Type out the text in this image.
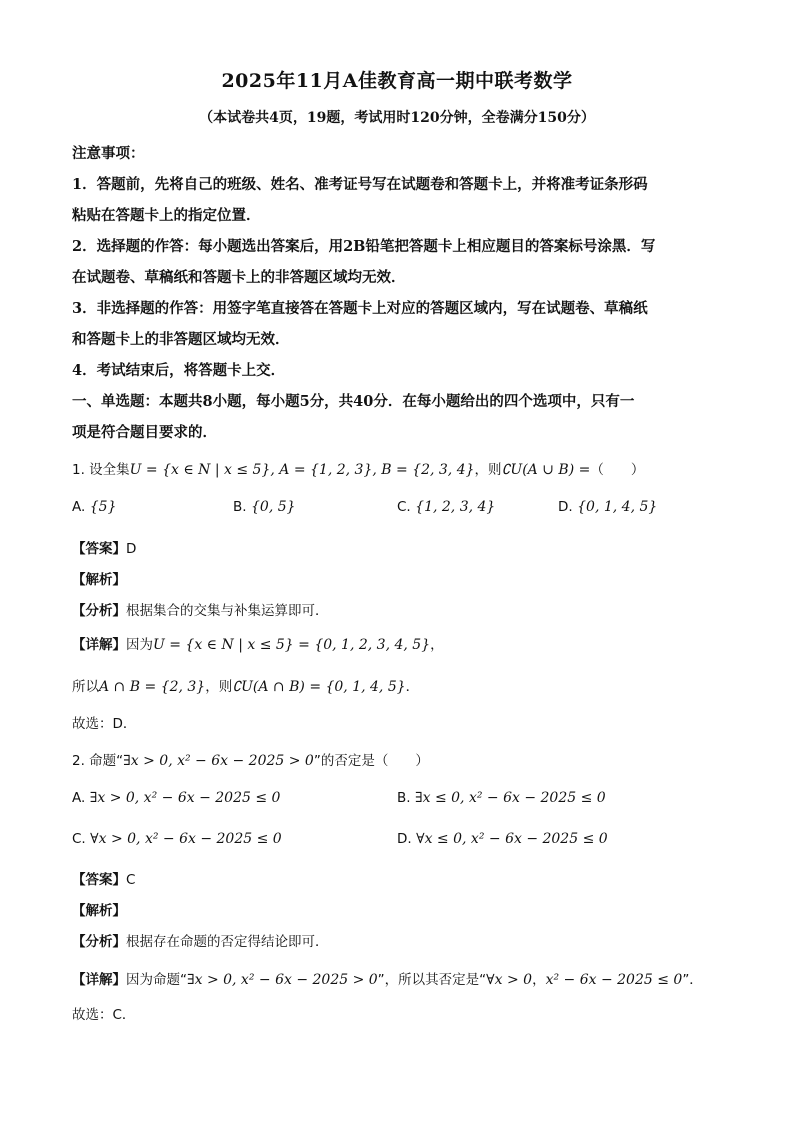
2025年11月A佳教育高一期中联考数学
（本试卷共4页，19题，考试用时120分钟，全卷满分150分）
注意事项：
1．答题前，先将自己的班级、姓名、准考证号写在试题卷和答题卡上，并将准考证条形码
粘贴在答题卡上的指定位置．
2．选择题的作答：每小题选出答案后，用2B铅笔把答题卡上相应题目的答案标号涂黑．写
在试题卷、草稿纸和答题卡上的非答题区域均无效．
3．非选择题的作答：用签字笔直接答在答题卡上对应的答题区域内，写在试题卷、草稿纸
和答题卡上的非答题区域均无效．
4．考试结束后，将答题卡上交．
一、单选题：本题共8小题，每小题5分，共40分．在每小题给出的四个选项中，只有一
项是符合题目要求的．
1. 设全集U = {x ∈ N | x ≤ 5}, A = {1, 2, 3}, B = {2, 3, 4}，则∁U(A ∪ B) =（　　）
A. {5}	B. {0, 5}	C. {1, 2, 3, 4}	D. {0, 1, 4, 5}
【答案】D
【解析】
【分析】根据集合的交集与补集运算即可．
【详解】因为U = {x ∈ N | x ≤ 5} = {0, 1, 2, 3, 4, 5}，
所以A ∩ B = {2, 3}，则∁U(A ∩ B) = {0, 1, 4, 5}．
故选：D．
2. 命题“∃x > 0, x² − 6x − 2025 > 0”的否定是（　　）
A. ∃x > 0, x² − 6x − 2025 ≤ 0	B. ∃x ≤ 0, x² − 6x − 2025 ≤ 0
C. ∀x > 0, x² − 6x − 2025 ≤ 0	D. ∀x ≤ 0, x² − 6x − 2025 ≤ 0
【答案】C
【解析】
【分析】根据存在命题的否定得结论即可．
【详解】因为命题“∃x > 0, x² − 6x − 2025 > 0”，所以其否定是“∀x > 0，x² − 6x − 2025 ≤ 0”．
故选：C．
